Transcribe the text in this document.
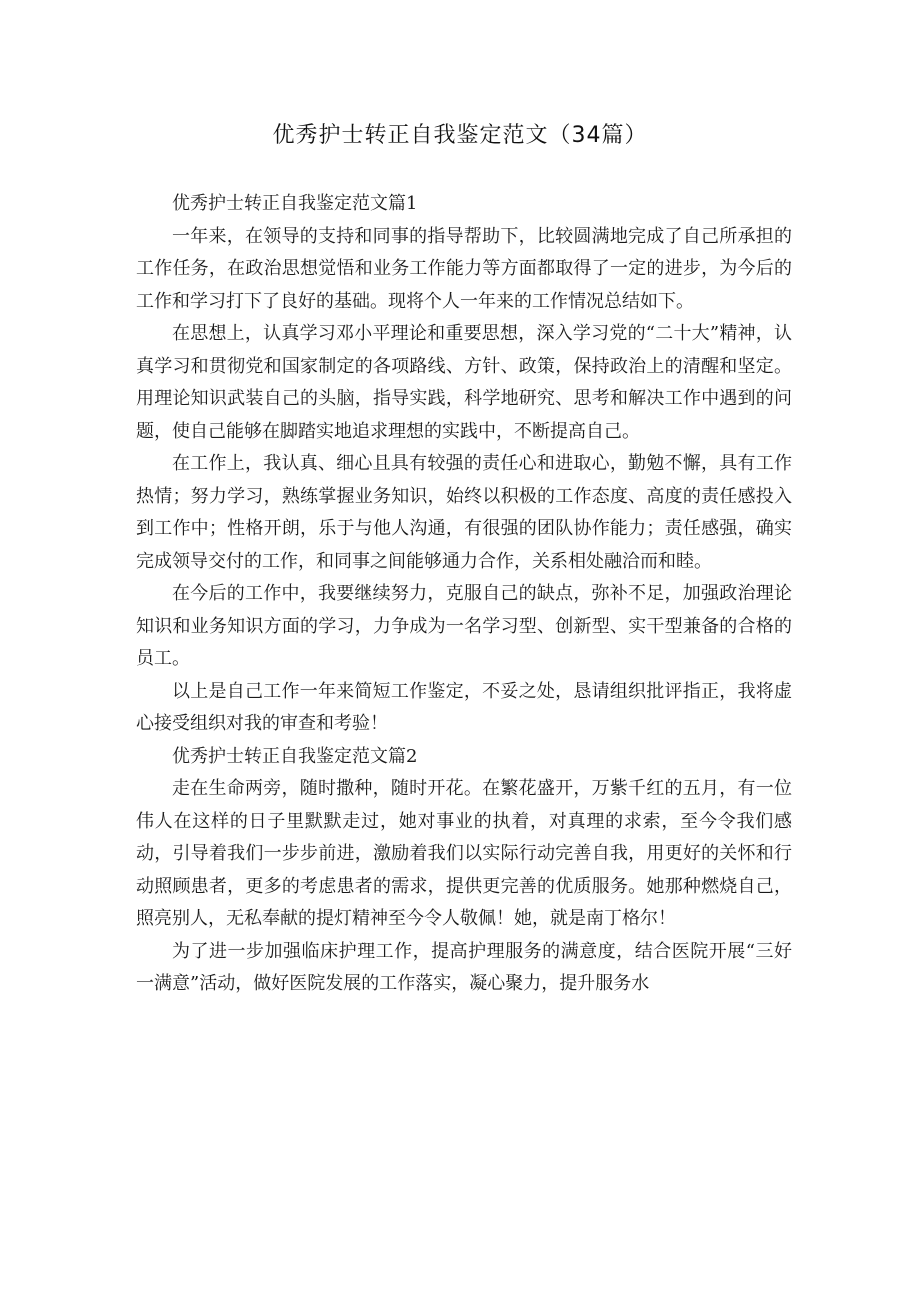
优秀护士转正自我鉴定范文（34篇）

优秀护士转正自我鉴定范文篇1

一年来，在领导的支持和同事的指导帮助下，比较圆满地完成了自己所承担的工作任务，在政治思想觉悟和业务工作能力等方面都取得了一定的进步，为今后的工作和学习打下了良好的基础。现将个人一年来的工作情况总结如下。

在思想上，认真学习邓小平理论和重要思想，深入学习党的“二十大”精神，认真学习和贯彻党和国家制定的各项路线、方针、政策，保持政治上的清醒和坚定。用理论知识武装自己的头脑，指导实践，科学地研究、思考和解决工作中遇到的问题，使自己能够在脚踏实地追求理想的实践中，不断提高自己。

在工作上，我认真、细心且具有较强的责任心和进取心，勤勉不懈，具有工作热情；努力学习，熟练掌握业务知识，始终以积极的工作态度、高度的责任感投入到工作中；性格开朗，乐于与他人沟通，有很强的团队协作能力；责任感强，确实完成领导交付的工作，和同事之间能够通力合作，关系相处融洽而和睦。

在今后的工作中，我要继续努力，克服自己的缺点，弥补不足，加强政治理论知识和业务知识方面的学习，力争成为一名学习型、创新型、实干型兼备的合格的员工。

以上是自己工作一年来简短工作鉴定，不妥之处，恳请组织批评指正，我将虚心接受组织对我的审查和考验！

优秀护士转正自我鉴定范文篇2

走在生命两旁，随时撒种，随时开花。在繁花盛开，万紫千红的五月，有一位伟人在这样的日子里默默走过，她对事业的执着，对真理的求索，至今令我们感动，引导着我们一步步前进，激励着我们以实际行动完善自我，用更好的关怀和行动照顾患者，更多的考虑患者的需求，提供更完善的优质服务。她那种燃烧自己，照亮别人，无私奉献的提灯精神至今令人敬佩！她，就是南丁格尔！

为了进一步加强临床护理工作，提高护理服务的满意度，结合医院开展“三好一满意”活动，做好医院发展的工作落实，凝心聚力，提升服务水
